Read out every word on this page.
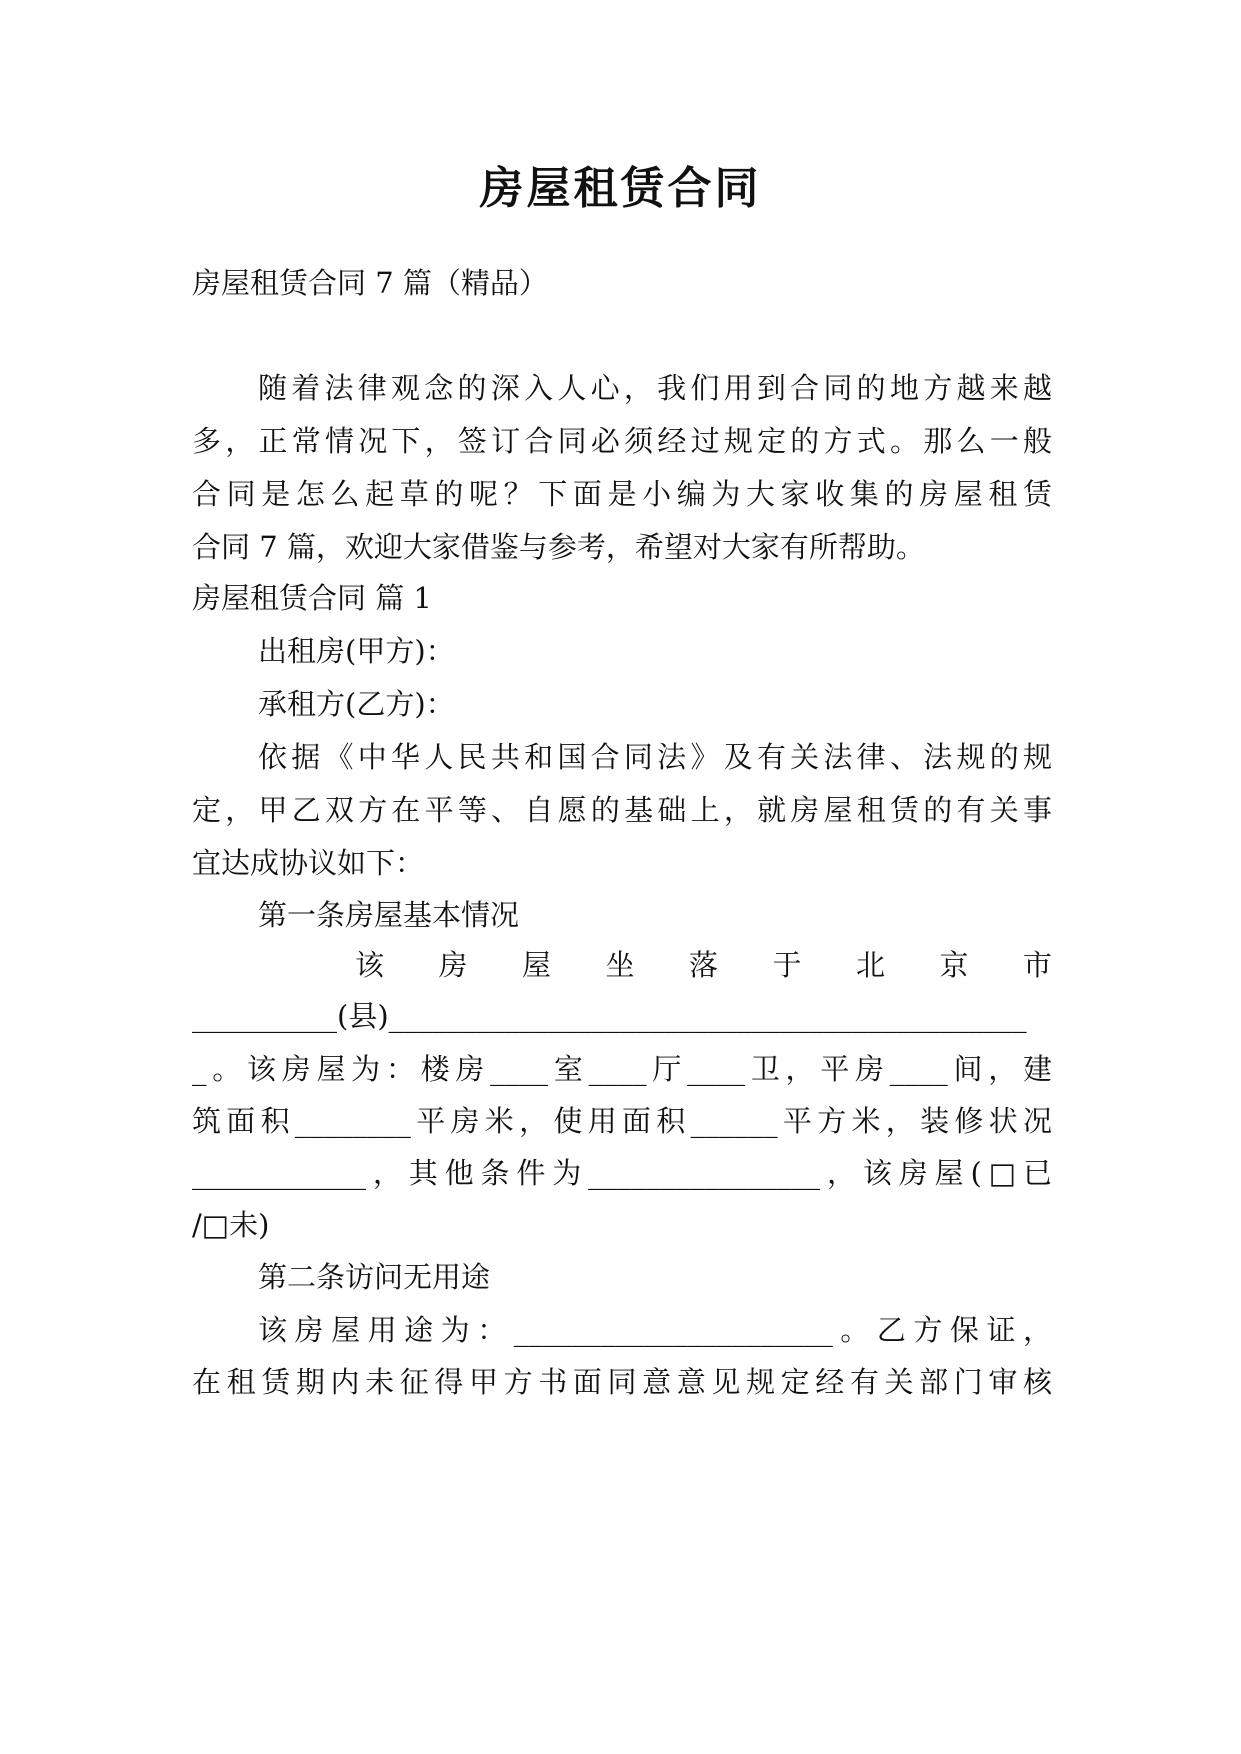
房屋租赁合同
房屋租赁合同 7 篇（精品）
随着法律观念的深入人心，我们用到合同的地方越来越
多，正常情况下，签订合同必须经过规定的方式。那么一般
合同是怎么起草的呢？下面是小编为大家收集的房屋租赁
合同 7 篇，欢迎大家借鉴与参考，希望对大家有所帮助。
房屋租赁合同 篇 1
出租房(甲方)：
承租方(乙方)：
依据《中华人民共和国合同法》及有关法律、法规的规
定，甲乙双方在平等、自愿的基础上，就房屋租赁的有关事
宜达成协议如下：
第一条房屋基本情况
该 房 屋 坐 落 于 北 京 市
__________(县)____________________________________________
_。该房屋为：楼房____室____厅____卫，平房____间，建
筑面积________平房米，使用面积______平方米，装修状况
____________，其他条件为________________，该房屋(□已
/□未)
第二条访问无用途
该房屋用途为：______________________。乙方保证，
在租赁期内未征得甲方书面同意意见规定经有关部门审核
